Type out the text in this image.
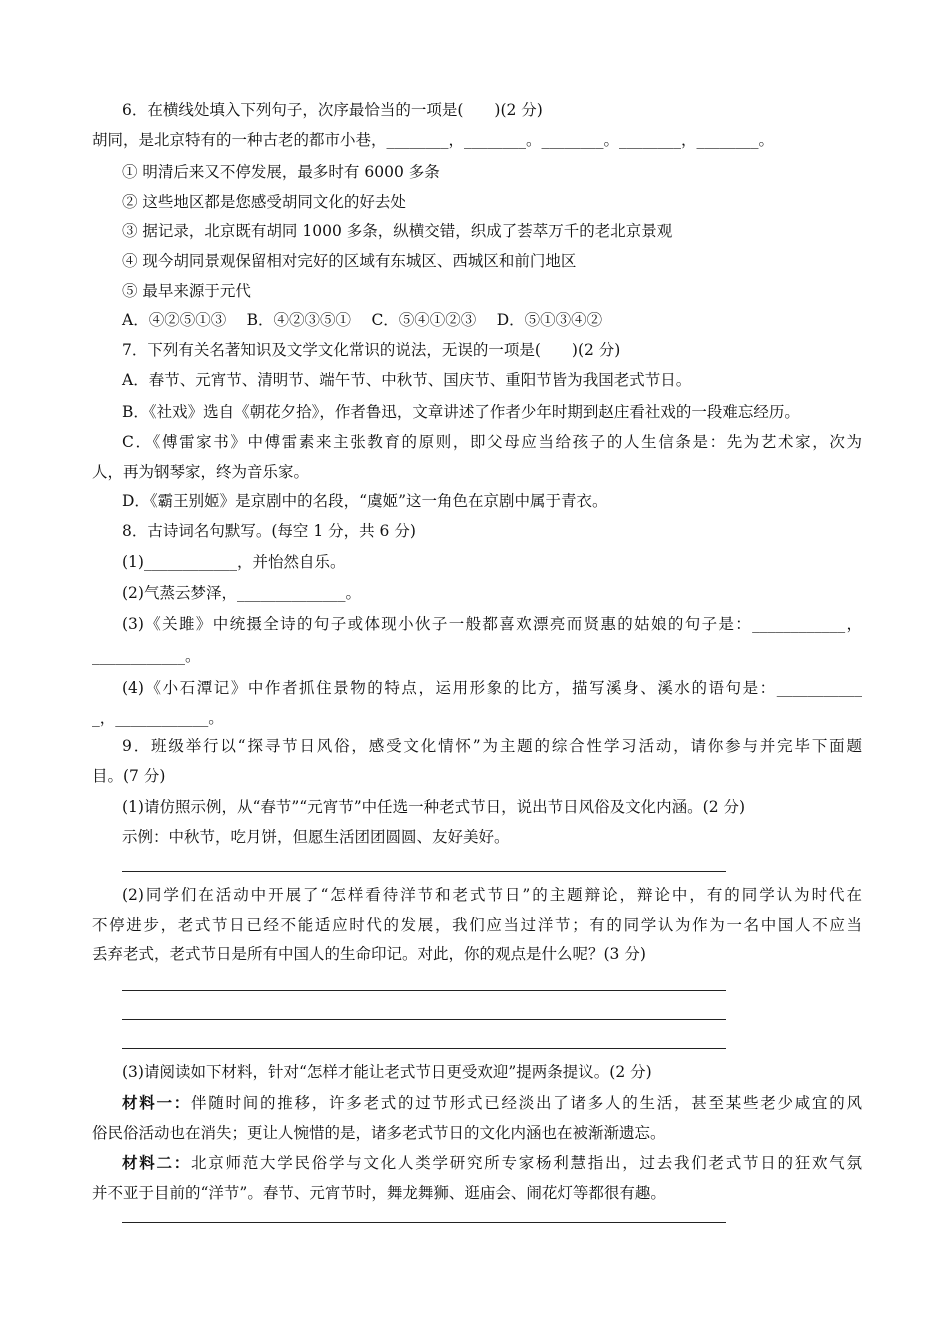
6．在横线处填入下列句子，次序最恰当的一项是(　　)(2 分)
胡同，是北京特有的一种古老的都市小巷，________，________。________。________，________。
① 明清后来又不停发展，最多时有 6000 多条
② 这些地区都是您感受胡同文化的好去处
③ 据记录，北京既有胡同 1000 多条，纵横交错，织成了荟萃万千的老北京景观
④ 现今胡同景观保留相对完好的区域有东城区、西城区和前门地区
⑤ 最早来源于元代
A．④②⑤①③　 B．④②③⑤①　 C．⑤④①②③　 D．⑤①③④②
7．下列有关名著知识及文学文化常识的说法，无误的一项是(　　)(2 分)
A．春节、元宵节、清明节、端午节、中秋节、国庆节、重阳节皆为我国老式节日。
B．《社戏》选自《朝花夕拾》，作者鲁迅，文章讲述了作者少年时期到赵庄看社戏的一段难忘经历。
C．《傅雷家书》中傅雷素来主张教育的原则，即父母应当给孩子的人生信条是：先为艺术家，次为
人，再为钢琴家，终为音乐家。
D．《霸王别姬》是京剧中的名段，“虞姬”这一角色在京剧中属于青衣。
8．古诗词名句默写。(每空 1 分，共 6 分)
(1)____________，并怡然自乐。
(2)气蒸云梦泽，______________。
(3)《关雎》中统摄全诗的句子或体现小伙子一般都喜欢漂亮而贤惠的姑娘的句子是：____________，
____________。
(4)《小石潭记》中作者抓住景物的特点，运用形象的比方，描写溪身、溪水的语句是：___________
_，____________。
9．班级举行以“探寻节日风俗，感受文化情怀”为主题的综合性学习活动，请你参与并完毕下面题
目。(7 分)
(1)请仿照示例，从“春节”“元宵节”中任选一种老式节日，说出节日风俗及文化内涵。(2 分)
示例：中秋节，吃月饼，但愿生活团团圆圆、友好美好。
(2)同学们在活动中开展了“怎样看待洋节和老式节日”的主题辩论，辩论中，有的同学认为时代在
不停进步，老式节日已经不能适应时代的发展，我们应当过洋节；有的同学认为作为一名中国人不应当
丢弃老式，老式节日是所有中国人的生命印记。对此，你的观点是什么呢？(3 分)
(3)请阅读如下材料，针对“怎样才能让老式节日更受欢迎”提两条提议。(2 分)
材料一：伴随时间的推移，许多老式的过节形式已经淡出了诸多人的生活，甚至某些老少咸宜的风
俗民俗活动也在消失；更让人惋惜的是，诸多老式节日的文化内涵也在被渐渐遗忘。
材料二：北京师范大学民俗学与文化人类学研究所专家杨利慧指出，过去我们老式节日的狂欢气氛
并不亚于目前的“洋节”。春节、元宵节时，舞龙舞狮、逛庙会、闹花灯等都很有趣。
